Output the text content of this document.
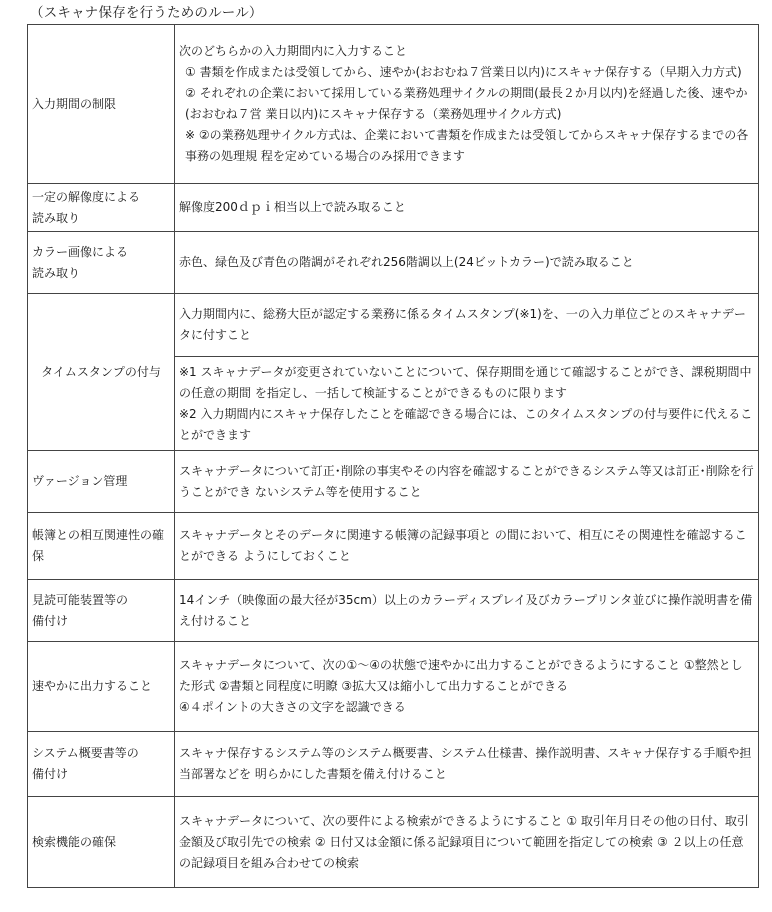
（スキャナ保存を行うためのルール）
入力期間の制限	次のどちらかの入力期間内に入力すること
① 書類を作成または受領してから、速やか(おおむね７営業日以内)にスキャナ保存する（早期入力方式)
② それぞれの企業において採用している業務処理サイクルの期間(最長２か月以内)を経過した後、速やか(おおむね７営 業日以内)にスキャナ保存する（業務処理サイクル方式)
※ ②の業務処理サイクル方式は、企業において書類を作成または受領してからスキャナ保存するまでの各事務の処理規 程を定めている場合のみ採用できます

一定の解像度による
読み取り	解像度200ｄｐｉ相当以上で読み取ること

カラー画像による
読み取り	赤色、緑色及び青色の階調がそれぞれ256階調以上(24ビットカラー)で読み取ること
タイムスタンプの付与	入力期間内に、総務大臣が認定する業務に係るタイムスタンプ(※1)を、一の入力単位ごとのスキャナデータに付すこと

	※1 スキャナデータが変更されていないことについて、保存期間を通じて確認することができ、課税期間中の任意の期間 を指定し、一括して検証することができるものに限ります
※2 入力期間内にスキャナ保存したことを確認できる場合には、このタイムスタンプの付与要件に代えることができます

ヴァージョン管理	スキャナデータについて訂正･削除の事実やその内容を確認することができるシステム等又は訂正･削除を行うことができ ないシステム等を使用すること
帳簿との相互関連性の確保	スキャナデータとそのデータに関連する帳簿の記録事項と の間において、相互にその関連性を確認することができる ようにしておくこと

見読可能装置等の
備付け	14インチ（映像面の最大径が35cm）以上のカラーディスプレイ及びカラープリンタ並びに操作説明書を備え付けること
速やかに出力すること	スキャナデータについて、次の①～④の状態で速やかに出力することができるようにすること ①整然とした形式 ②書類と同程度に明瞭 ③拡大又は縮小して出力することができる
④４ポイントの大きさの文字を認識できる

システム概要書等の
備付け	スキャナ保存するシステム等のシステム概要書、システム仕様書、操作説明書、スキャナ保存する手順や担当部署などを 明らかにした書類を備え付けること
検索機能の確保	スキャナデータについて、次の要件による検索ができるようにすること ① 取引年月日その他の日付、取引金額及び取引先での検索 ② 日付又は金額に係る記録項目について範囲を指定しての検索 ③ ２以上の任意の記録項目を組み合わせての検索
